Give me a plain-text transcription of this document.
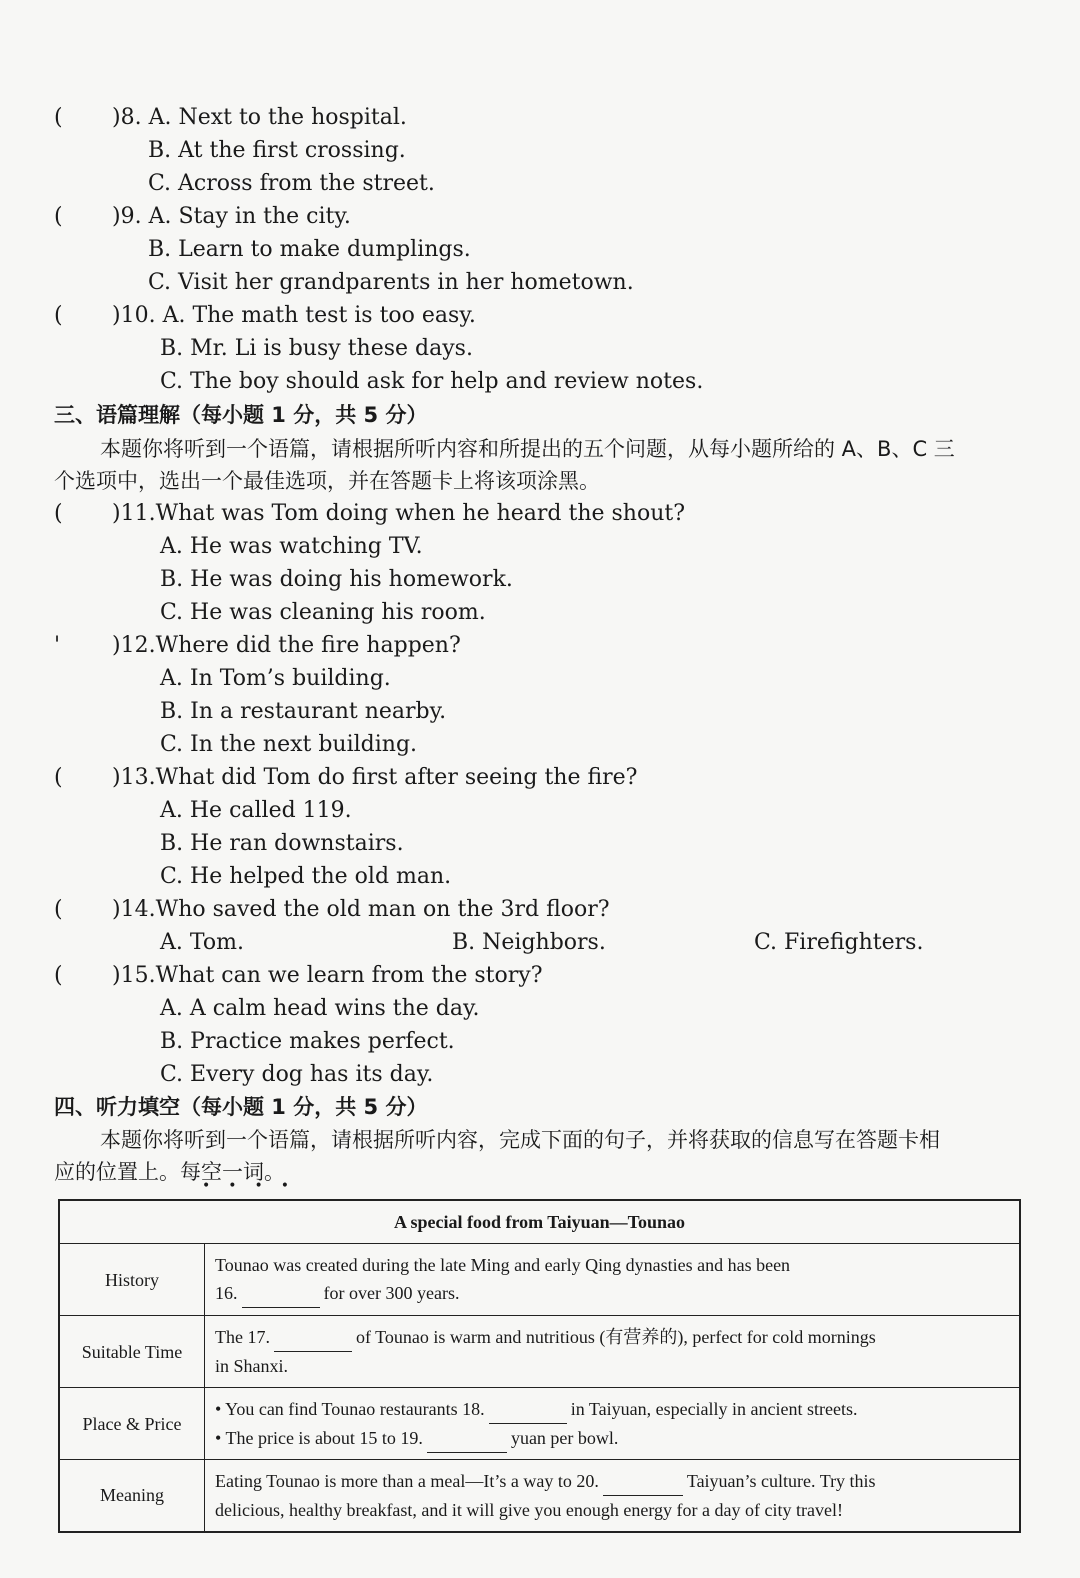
( )8. A. Next to the hospital.
B. At the first crossing.
C. Across from the street.
( )9. A. Stay in the city.
B. Learn to make dumplings.
C. Visit her grandparents in her hometown.
( )10. A. The math test is too easy.
B. Mr. Li is busy these days.
C. The boy should ask for help and review notes.
三、语篇理解（每小题 1 分，共 5 分）
本题你将听到一个语篇，请根据所听内容和所提出的五个问题，从每小题所给的 A、B、C 三
个选项中，选出一个最佳选项，并在答题卡上将该项涂黑。
( )11.What was Tom doing when he heard the shout?
A. He was watching TV.
B. He was doing his homework.
C. He was cleaning his room.
' )12.Where did the fire happen?
A. In Tom’s building.
B. In a restaurant nearby.
C. In the next building.
( )13.What did Tom do first after seeing the fire?
A. He called 119.
B. He ran downstairs.
C. He helped the old man.
( )14.Who saved the old man on the 3rd floor?
A. Tom.	B. Neighbors.	C. Firefighters.
( )15.What can we learn from the story?
A. A calm head wins the day.
B. Practice makes perfect.
C. Every dog has its day.
四、听力填空（每小题 1 分，共 5 分）
本题你将听到一个语篇，请根据所听内容，完成下面的句子，并将获取的信息写在答题卡相
应的位置上。每空一词。
••••
A special food from Taiyuan—Tounao	
History	Tounao was created during the late Ming and early Qing dynasties and has been
16. for over 300 years.
Suitable Time	The 17. of Tounao is warm and nutritious (有营养的), perfect for cold mornings
in Shanxi.
Place & Price	• You can find Tounao restaurants 18. in Taiyuan, especially in ancient streets.
• The price is about 15 to 19. yuan per bowl.
Meaning	Eating Tounao is more than a meal—It’s a way to 20. Taiyuan’s culture. Try this
delicious, healthy breakfast, and it will give you enough energy for a day of city travel!
